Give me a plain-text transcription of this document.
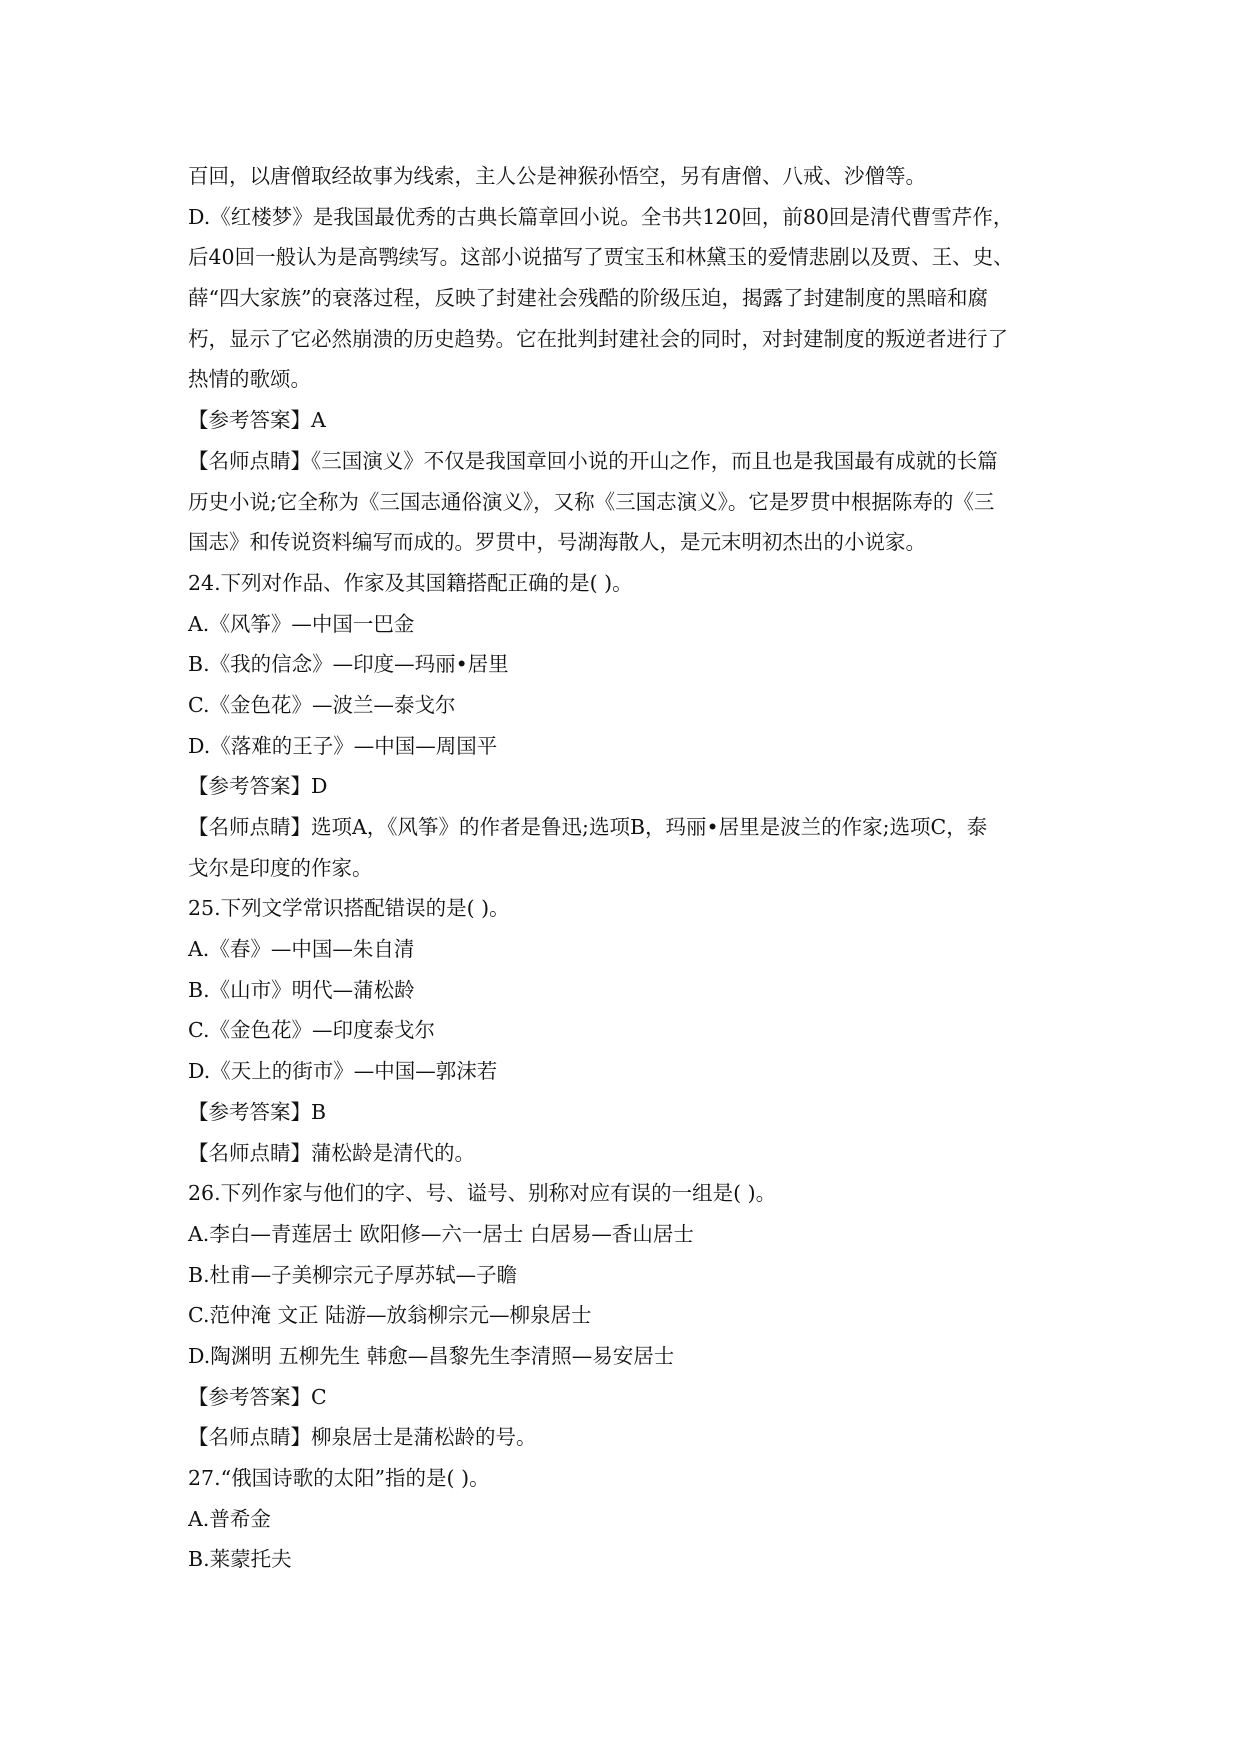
百回，以唐僧取经故事为线索，主人公是神猴孙悟空，另有唐僧、八戒、沙僧等。
D.《红楼梦》是我国最优秀的古典长篇章回小说。全书共120回，前80回是清代曹雪芹作，
后40回一般认为是高鹗续写。这部小说描写了贾宝玉和林黛玉的爱情悲剧以及贾、王、史、
薛“四大家族”的衰落过程，反映了封建社会残酷的阶级压迫，揭露了封建制度的黑暗和腐
朽，显示了它必然崩溃的历史趋势。它在批判封建社会的同时，对封建制度的叛逆者进行了
热情的歌颂。
【参考答案】A
【名师点睛】《三国演义》不仅是我国章回小说的开山之作，而且也是我国最有成就的长篇
历史小说;它全称为《三国志通俗演义》，又称《三国志演义》。它是罗贯中根据陈寿的《三
国志》和传说资料编写而成的。罗贯中，号湖海散人，是元末明初杰出的小说家。
24.下列对作品、作家及其国籍搭配正确的是( )。
A.《风筝》—中国一巴金
B.《我的信念》—印度—玛丽•居里
C.《金色花》—波兰—泰戈尔
D.《落难的王子》—中国—周国平
【参考答案】D
【名师点睛】选项A，《风筝》的作者是鲁迅;选项B，玛丽•居里是波兰的作家;选项C，泰
戈尔是印度的作家。
25.下列文学常识搭配错误的是( )。
A.《春》—中国—朱自清
B.《山市》明代—蒲松龄
C.《金色花》—印度泰戈尔
D.《天上的街市》—中国—郭沫若
【参考答案】B
【名师点睛】蒲松龄是清代的。
26.下列作家与他们的字、号、谥号、别称对应有误的一组是( )。
A.李白—青莲居士 欧阳修—六一居士 白居易—香山居士
B.杜甫—子美柳宗元子厚苏轼—子瞻
C.范仲淹 文正 陆游—放翁柳宗元—柳泉居士
D.陶渊明 五柳先生 韩愈—昌黎先生李清照—易安居士
【参考答案】C
【名师点睛】柳泉居士是蒲松龄的号。
27.“俄国诗歌的太阳”指的是( )。
A.普希金
B.莱蒙托夫
